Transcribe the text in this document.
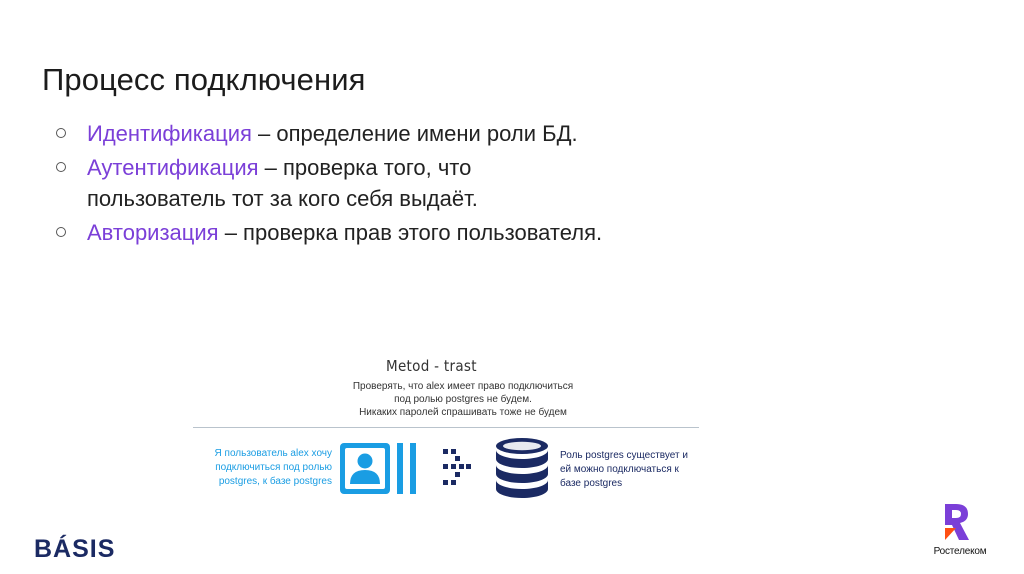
Процесс подключения
Идентификация – определение имени роли БД.
Аутентификация – проверка того, что пользователь тот за кого себя выдаёт.
Авторизация – проверка прав этого пользователя.
Metod - trast
Проверять, что alex имеет право подключиться
под ролью postgres не будем.
Никаких паролей спрашивать тоже не будем
Я пользователь alex хочу
подключиться под ролью
postgres, к базе postgres
Роль postgres существует и
ей можно подключаться к
базе postgres
BÁSIS	Ростелеком
